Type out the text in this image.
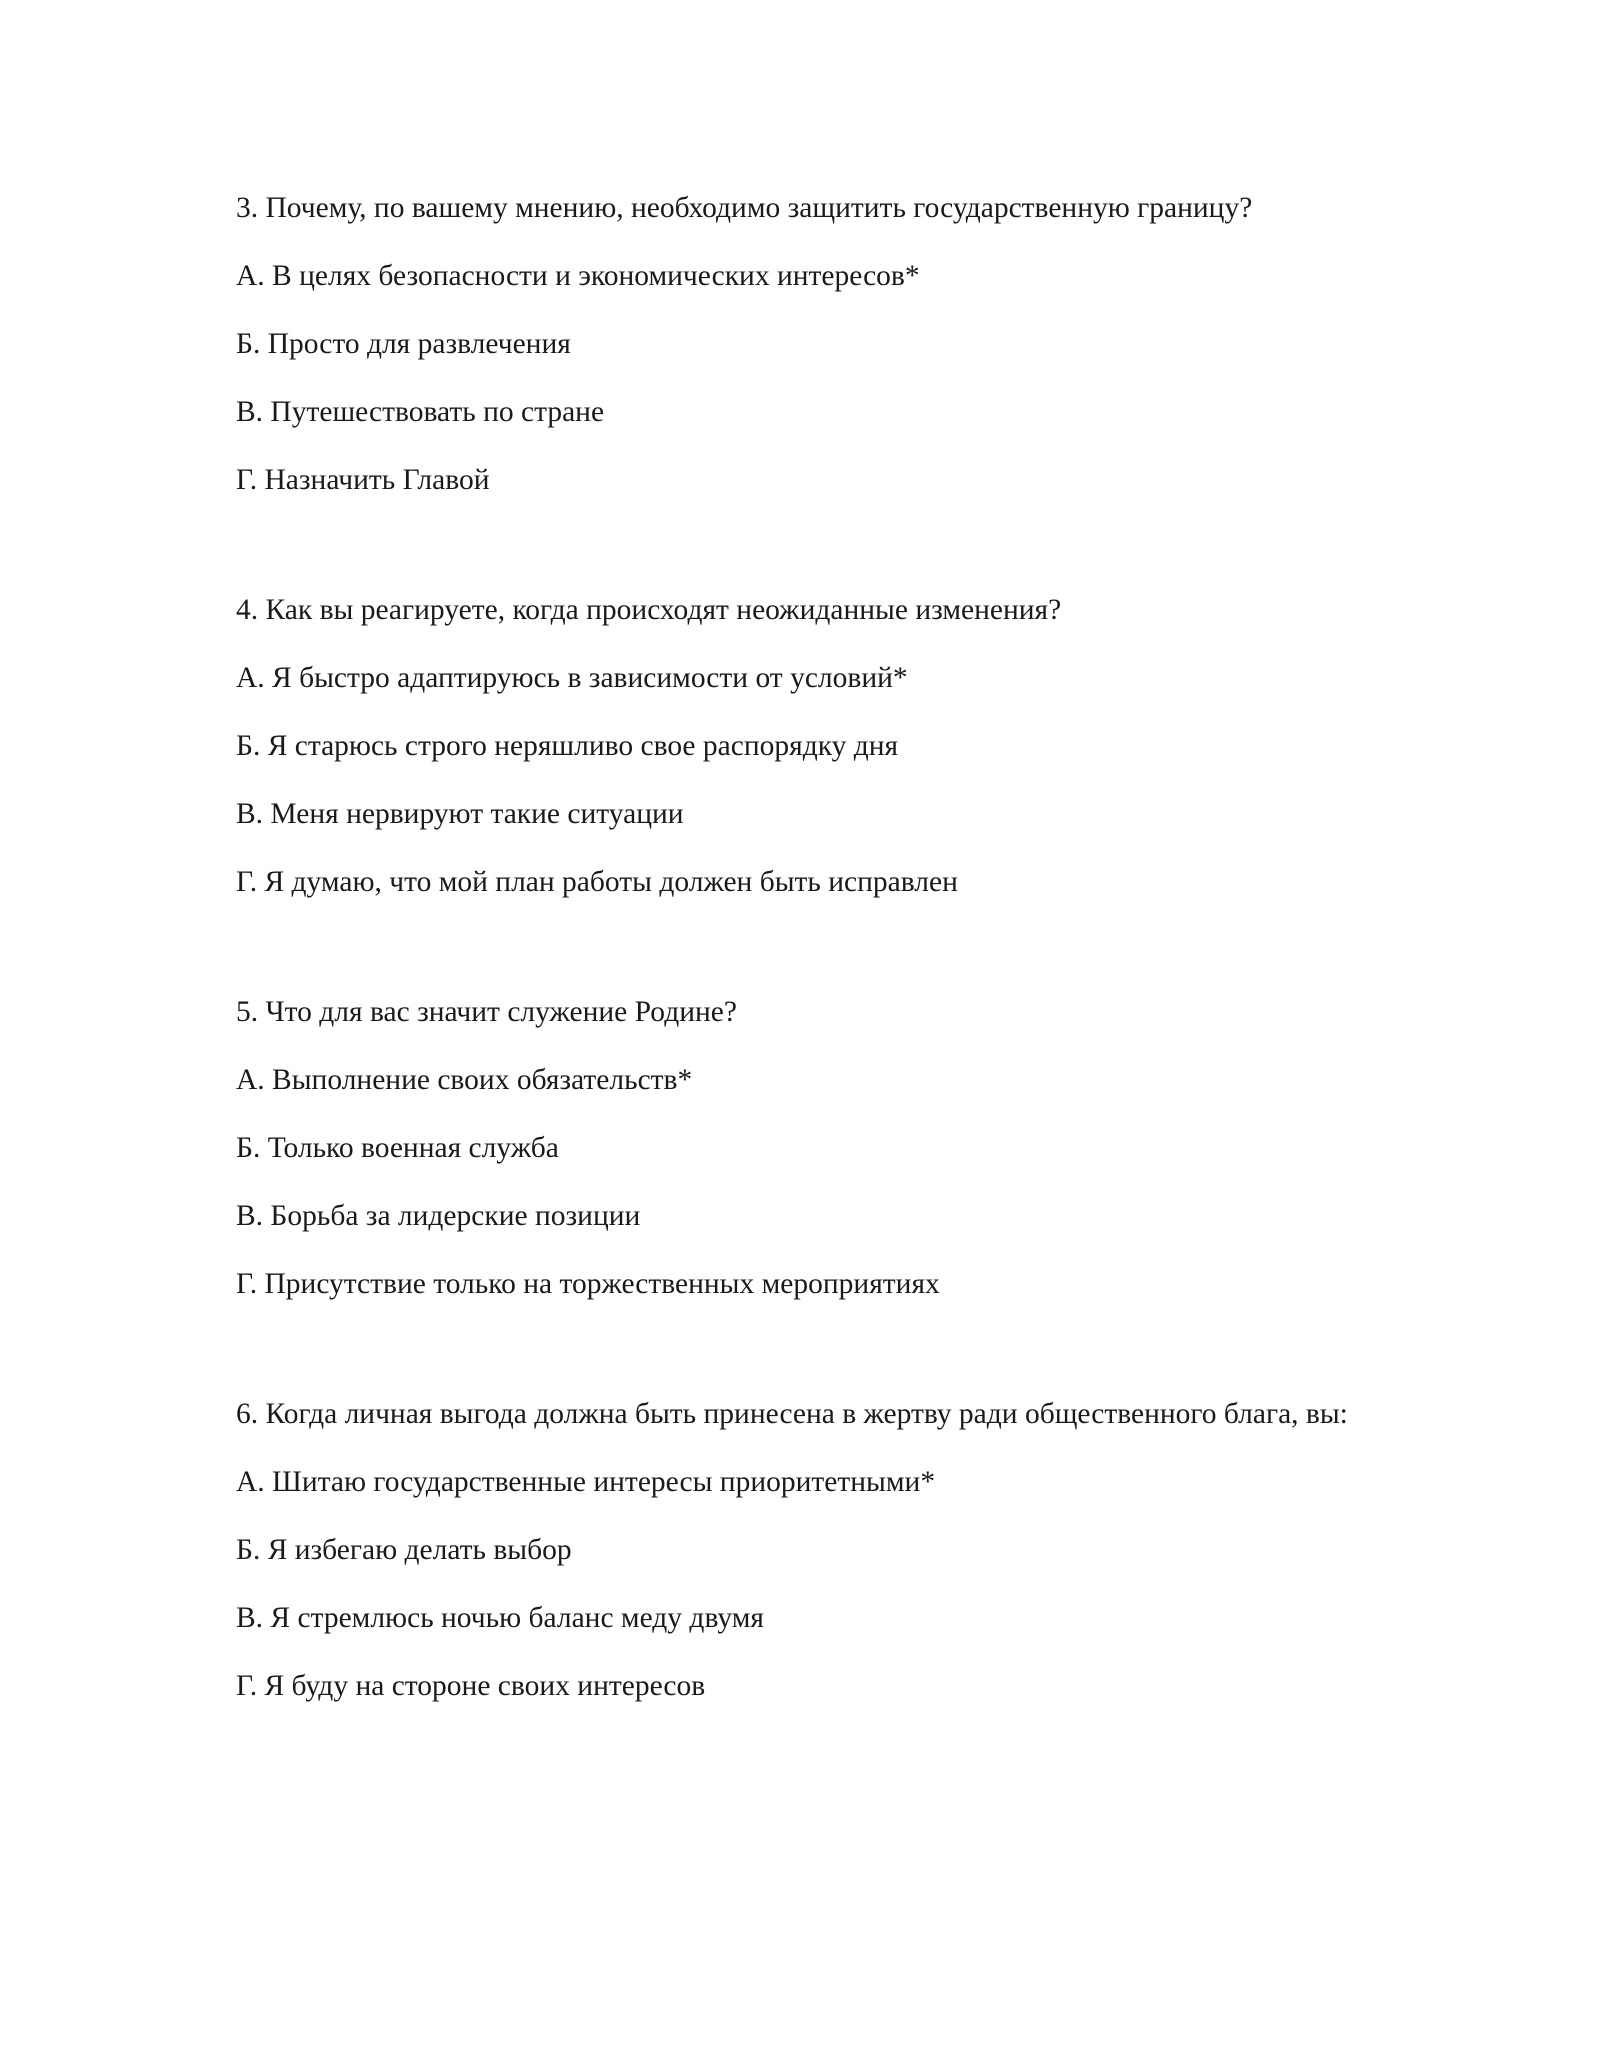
3. Почему, по вашему мнению, необходимо защитить государственную границу?

А. В целях безопасности и экономических интересов*

Б. Просто для развлечения

В. Путешествовать по стране

Г. Назначить Главой

4. Как вы реагируете, когда происходят неожиданные изменения?

А. Я быстро адаптируюсь в зависимости от условий*

Б. Я старюсь строго неряшливо свое распорядку дня

В. Меня нервируют такие ситуации

Г. Я думаю, что мой план работы должен быть исправлен

5. Что для вас значит служение Родине?

А. Выполнение своих обязательств*

Б. Только военная служба

В. Борьба за лидерские позиции

Г. Присутствие только на торжественных мероприятиях

6. Когда личная выгода должна быть принесена в жертву ради общественного блага, вы:

А. Шитаю государственные интересы приоритетными*

Б. Я избегаю делать выбор

В. Я стремлюсь ночью баланс меду двумя

Г. Я буду на стороне своих интересов
